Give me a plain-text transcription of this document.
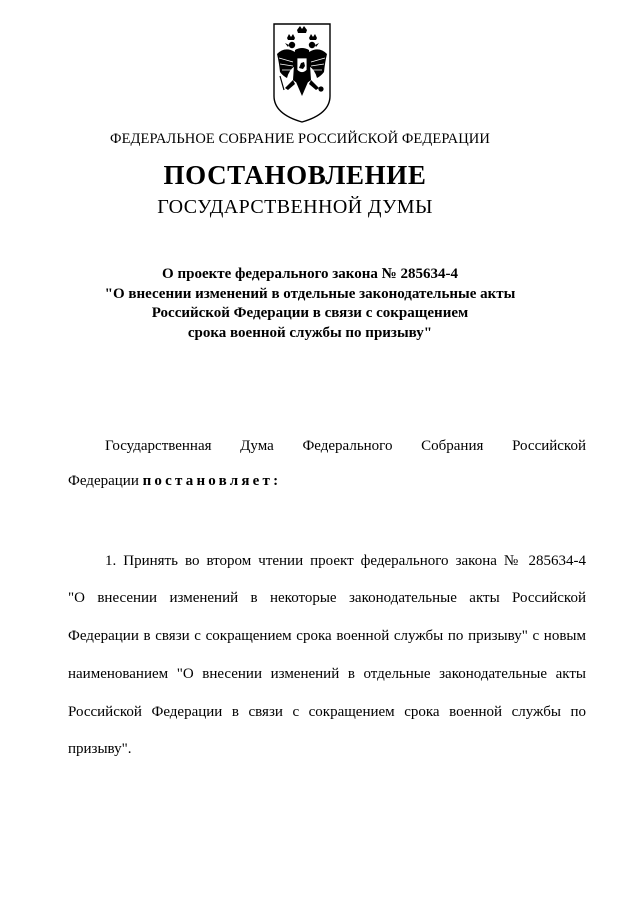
ФЕДЕРАЛЬНОЕ СОБРАНИЕ РОССИЙСКОЙ ФЕДЕРАЦИИ
ПОСТАНОВЛЕНИЕ
ГОСУДАРСТВЕННОЙ ДУМЫ
О проекте федерального закона № 285634-4
"О внесении изменений в отдельные законодательные акты
Российской Федерации в связи с сокращением
срока военной службы по призыву"
Государственная Дума Федерального Собрания Российской
Федерации постановляет:
1. Принять во втором чтении проект федерального закона № 285634-4
"О внесении изменений в некоторые законодательные акты Российской
Федерации в связи с сокращением срока военной службы по призыву" с новым
наименованием "О внесении изменений в отдельные законодательные акты
Российской Федерации в связи с сокращением срока военной службы по
призыву".
